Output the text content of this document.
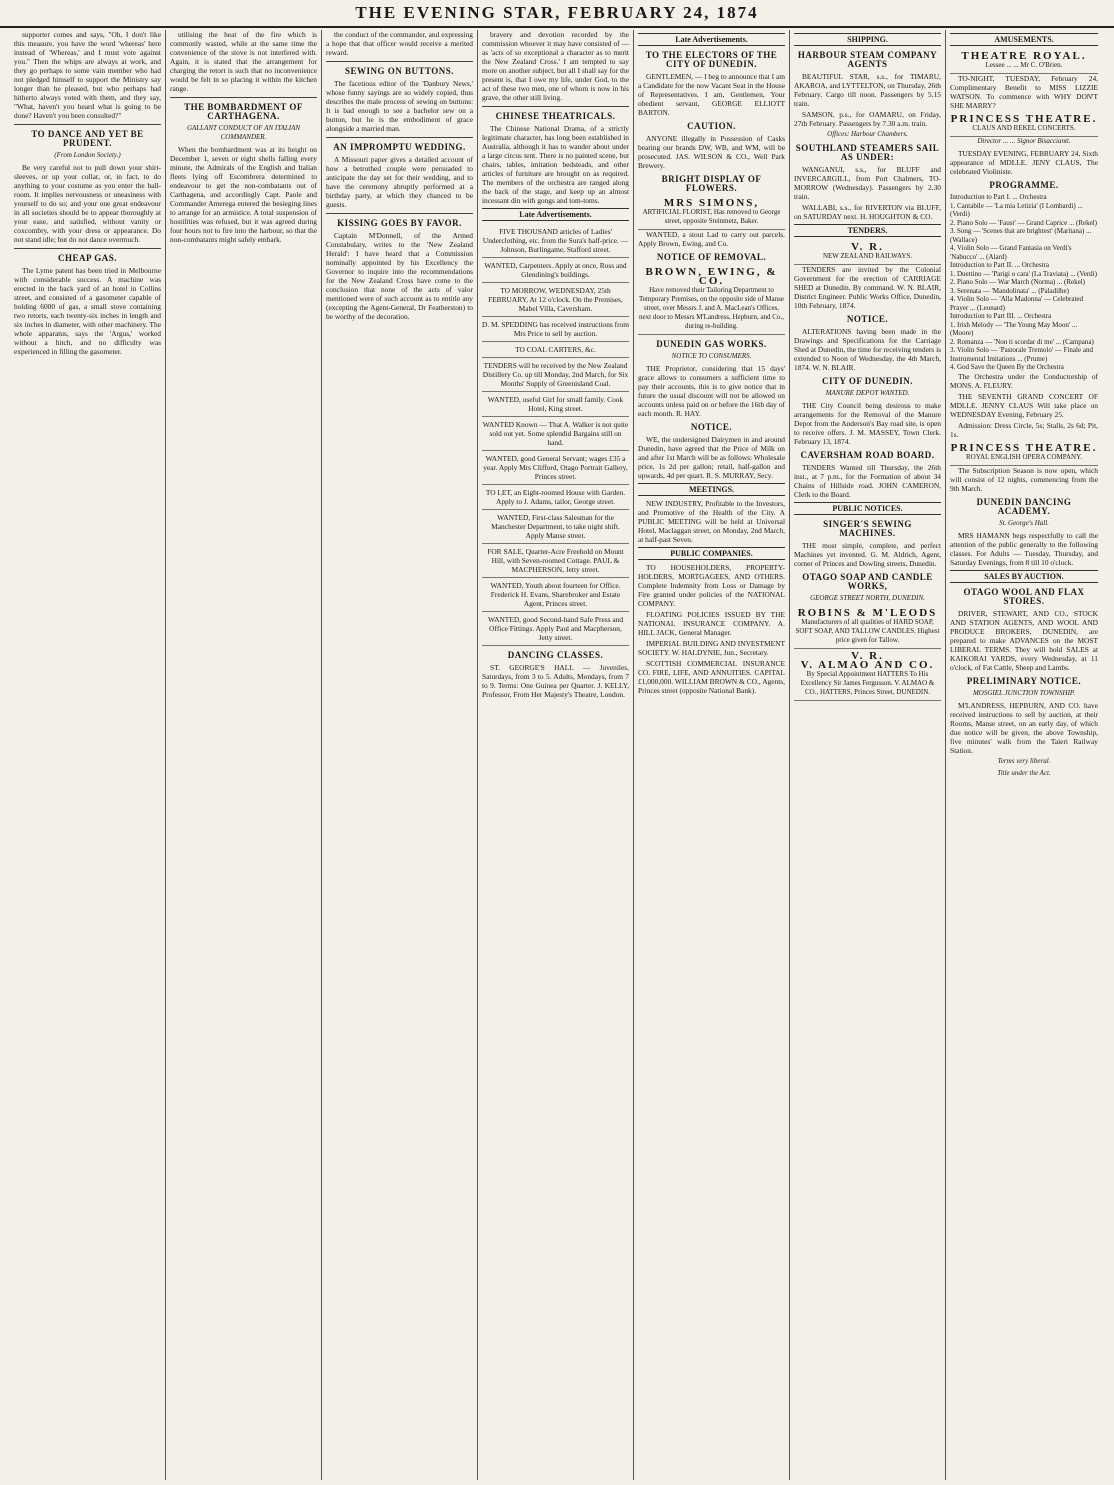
THE EVENING STAR, FEBRUARY 24, 1874

supporter comes and says, "Oh, I don't like this measure, you have the word 'whereas' here instead of 'Whereas,' and I must vote against you." Then the whips are always at work, and they go perhaps to some vain member who had not pledged himself to support the Ministry say longer than he pleased, but who perhaps had hitherto always voted with them, and they say, "What, haven't you heard what is going to be done? Haven't you been consulted?"

TO DANCE AND YET BE PRUDENT.
(From London Society.)

Be very careful not to pull down your shirt-sleeves, or up your collar, or, in fact, to do anything to your costume as you enter the ball-room. It implies nervousness or uneasiness with yourself to do so; and your one great endeavour in all societies should be to appear thoroughly at your ease, and satisfied, without vanity or coxcombry, with your dress or appearance. Do not stand idle; but do not dance overmuch.

CHEAP GAS.

The Lyme patent has been tried in Melbourne with considerable success. A machine was erected in the back yard of an hotel in Collins street, and consisted of a gasometer capable of holding 6000 of gas, a small stove containing two retorts, each twenty-six inches in length and six inches in diameter, with other machinery. The whole apparatus, says the 'Argus,' worked without a hitch, and no difficulty was experienced in filling the gasometer.

utilising the heat of the fire which is commonly wasted, while at the same time the convenience of the stove is not interfered with. Again, it is stated that the arrangement for charging the retort is such that no inconvenience would be felt in so placing it within the kitchen range.

THE BOMBARDMENT OF CARTHAGENA.
GALLANT CONDUCT OF AN ITALIAN COMMANDER.

When the bombardment was at its height on December 1, seven or eight shells falling every minute, the Admirals of the English and Italian fleets lying off Escombrera determined to endeavour to get the non-combatants out of Carthagena, and accordingly Capt. Paole and Commander Amerega entered the besieging lines to arrange for an armistice. A total suspension of hostilities was refused, but it was agreed during four hours not to fire into the harbour, so that the non-combatants might safely embark.

the conduct of the commander, and expressing a hope that that officer would receive a merited reward.

SEWING ON BUTTONS.

The facetious editor of the 'Danbury News,' whose funny sayings are so widely copied, thus describes the male process of sewing on buttons: It is bad enough to see a bachelor sew on a button, but he is the embodiment of grace alongside a married man.

AN IMPROMPTU WEDDING.

A Missouri paper gives a detailed account of how a betrothed couple were persuaded to anticipate the day set for their wedding, and to have the ceremony abruptly performed at a birthday party, at which they chanced to be guests.

KISSING GOES BY FAVOR.

Captain M'Donnell, of the Armed Constabulary, writes to the 'New Zealand Herald': I have heard that a Commission nominally appointed by his Excellency the Governor to inquire into the recommendations for the New Zealand Cross have come to the conclusion that none of the acts of valor mentioned were of such account as to entitle any (excepting the Agent-General, Dr Featherston) to be worthy of the decoration.

bravery and devotion recorded by the commission whoever it may have consisted of — as 'acts of so exceptional a character as to merit the New Zealand Cross.' I am tempted to say more on another subject, but all I shall say for the present is, that I owe my life, under God, to the act of these two men, one of whom is now in his grave, the other still living.

CHINESE THEATRICALS.

The Chinese National Drama, of a strictly legitimate character, has long been established in Australia, although it has to wander about under a large circus tent. There is no painted scene, but chairs, tables, imitation bedsteads, and other articles of furniture are brought on as required. The members of the orchestra are ranged along the back of the stage, and keep up an almost incessant din with gongs and tom-toms.

Late Advertisements.
FIVE THOUSAND articles of Ladies' Underclothing, etc. from the Sura's half-price. — Johnson, Burlingame, Stafford street.
WANTED, Carpenters. Apply at once, Ross and Glendining's buildings.
TO MORROW, WEDNESDAY, 25th FEBRUARY, At 12 o'clock. On the Premises, Mabel Villa, Caversham.
D. M. SPEDDING has received instructions from Mrs Price to sell by auction.
TO COAL CARTERS, &c.
TENDERS will be received by the New Zealand Distillery Co. up till Monday, 2nd March, for Six Months' Supply of Greenisland Coal.
WANTED, useful Girl for small family. Cook Hotel, King street.
WANTED Known — That A. Walker is not quite sold out yet. Some splendid Bargains still on hand.
WANTED, good General Servant; wages £35 a year. Apply Mrs Clifford, Otago Portrait Gallery, Princes street.
TO LET, an Eight-roomed House with Garden. Apply to J. Adams, tailor, George street.
WANTED, First-class Salesman for the Manchester Department, to take night shift. Apply Manse street.
FOR SALE, Quarter-Acre Freehold on Mount Hill, with Seven-roomed Cottage. PAUL & MACPHERSON, Jetty street.
WANTED, Youth about fourteen for Office. Frederick H. Evans, Sharebroker and Estate Agent, Princes street.
WANTED, good Second-hand Safe Press and Office Fittings. Apply Paul and Macpherson, Jetty street.
DANCING CLASSES.

ST. GEORGE'S HALL — Juveniles, Saturdays, from 3 to 5. Adults, Mondays, from 7 to 9. Terms: One Guinea per Quarter. J. KELLY, Professor, From Her Majesty's Theatre, London.

Late Advertisements.
TO THE ELECTORS OF THE CITY OF DUNEDIN.

GENTLEMEN, — I beg to announce that I am a Candidate for the now Vacant Seat in the House of Representatives. I am, Gentlemen, Your obedient servant, GEORGE ELLIOTT BARTON.

CAUTION.

ANYONE illegally in Possession of Casks bearing our brands DW, WB, and WM, will be prosecuted. JAS. WILSON & CO., Well Park Brewery.

BRIGHT DISPLAY OF FLOWERS.
MRS SIMONS,
ARTIFICIAL FLORIST, Has removed to George street, opposite Steinmetz, Baker.

WANTED, a stout Lad to carry out parcels. Apply Brown, Ewing, and Co.

NOTICE OF REMOVAL.
BROWN, EWING, & CO.
Have removed their Tailoring Department to Temporary Premises, on the opposite side of Manse street, over Messrs J. and A. MacLean's Offices, next door to Messrs M'Landress, Hepburn, and Co., during re-building.
DUNEDIN GAS WORKS.
NOTICE TO CONSUMERS.

THE Proprietor, considering that 15 days' grace allows to consumers a sufficient time to pay their accounts, this is to give notice that in future the usual discount will not be allowed on accounts unless paid on or before the 16th day of each month. R. HAY.

NOTICE.

WE, the undersigned Dairymen in and around Dunedin, have agreed that the Price of Milk on and after 1st March will be as follows: Wholesale price, 1s 2d per gallon; retail, half-gallon and upwards, 4d per quart. R. S. MURRAY, Secy.

MEETINGS.

NEW INDUSTRY, Profitable to the Investors, and Promotive of the Health of the City. A PUBLIC MEETING will be held at Universal Hotel, Maclaggan street, on Monday, 2nd March, at half-past Seven.

PUBLIC COMPANIES.

TO HOUSEHOLDERS, PROPERTY-HOLDERS, MORTGAGEES, AND OTHERS. Complete Indemnity from Loss or Damage by Fire granted under policies of the NATIONAL COMPANY.

FLOATING POLICIES ISSUED BY THE NATIONAL INSURANCE COMPANY. A. HILL JACK, General Manager.

IMPERIAL BUILDING AND INVESTMENT SOCIETY. W. HALDYNIE, Jun., Secretary.

SCOTTISH COMMERCIAL INSURANCE CO. FIRE, LIFE, AND ANNUITIES. CAPITAL £1,000,000. WILLIAM BROWN & CO., Agents, Princes street (opposite National Bank).

SHIPPING.
HARBOUR STEAM COMPANY AGENTS

BEAUTIFUL STAR, s.s., for TIMARU, AKAROA, and LYTTELTON, on Thursday, 26th February. Cargo till noon. Passengers by 5.15 train.

SAMSON, p.s., for OAMARU, on Friday, 27th February. Passengers by 7.30 a.m. train.

Offices: Harbour Chambers.
SOUTHLAND STEAMERS SAIL AS UNDER:

WANGANUI, s.s., for BLUFF and INVERCARGILL, from Port Chalmers, TO-MORROW (Wednesday). Passengers by 2.30 train.

WALLABI, s.s., for RIVERTON via BLUFF, on SATURDAY next. H. HOUGHTON & CO.

TENDERS.
V. R.
NEW ZEALAND RAILWAYS.

TENDERS are invited by the Colonial Government for the erection of CARRIAGE SHED at Dunedin. By command. W. N. BLAIR, District Engineer. Public Works Office, Dunedin, 10th February, 1874.

NOTICE.

ALTERATIONS having been made in the Drawings and Specifications for the Carriage Shed at Dunedin, the time for receiving tenders is extended to Noon of Wednesday, the 4th March, 1874. W. N. BLAIR.

CITY OF DUNEDIN.
MANURE DEPOT WANTED.

THE City Council being desirous to make arrangements for the Removal of the Manure Depot from the Anderson's Bay road site, is open to receive offers. J. M. MASSEY, Town Clerk. February 13, 1874.

CAVERSHAM ROAD BOARD.

TENDERS Wanted till Thursday, the 26th inst., at 7 p.m., for the Formation of about 34 Chains of Hillside road. JOHN CAMERON, Clerk to the Board.

PUBLIC NOTICES.
SINGER'S SEWING MACHINES.

THE most simple, complete, and perfect Machines yet invented. G. M. Aldrich, Agent, corner of Princes and Dowling streets, Dunedin.

OTAGO SOAP AND CANDLE WORKS,
GEORGE STREET NORTH, DUNEDIN.
ROBINS & M'LEODS
Manufacturers of all qualities of HARD SOAP, SOFT SOAP, AND TALLOW CANDLES. Highest price given for Tallow.
V. R.
V. ALMAO AND CO.
By Special Appointment HATTERS To His Excellency Sir James Fergusson. V. ALMAO & CO., HATTERS, Princes Street, DUNEDIN.
AMUSEMENTS.
THEATRE ROYAL.
Lessee ... ... Mr C. O'Brien.

TO-NIGHT, TUESDAY, February 24, Complimentary Benefit to MISS LIZZIE WATSON. To commence with WHY DON'T SHE MARRY?

PRINCESS THEATRE.
CLAUS AND REKEL CONCERTS.
Director ... ... Signor Bisaccianti.

TUESDAY EVENING, FEBRUARY 24, Sixth appearance of MDLLE. JENY CLAUS, The celebrated Violiniste.

PROGRAMME.
Introduction to Part I. ... Orchestra
1. Cantabile — 'La mia Letizia' (I Lombardi) ... (Verdi)
2. Piano Solo — 'Faust' — Grand Caprice ... (Rekel)
3. Song — 'Scenes that are brightest' (Maritana) ... (Wallace)
4. Violin Solo — Grand Fantasia on Verdi's 'Nabucco' ... (Alard)
Introduction to Part II. ... Orchestra
1. Duettino — 'Parigi o cara' (La Traviata) ... (Verdi)
2. Piano Solo — War March (Norma) ... (Rekel)
3. Serenata — 'Mandolinata' ... (Paladilhe)
4. Violin Solo — 'Alla Madonna' — Celebrated Prayer ... (Leonard)
Introduction to Part III. ... Orchestra
1. Irish Melody — 'The Young May Moon' ... (Moore)
2. Romanza — 'Non ti scordar di me' ... (Campana)
3. Violin Solo — 'Pastorale Tremolo' — Finale and Instrumental Imitations ... (Prume)
4. God Save the Queen By the Orchestra

The Orchestra under the Conductorship of MONS. A. FLEURY.

THE SEVENTH GRAND CONCERT OF MDLLE. JENNY CLAUS Will take place on WEDNESDAY Evening, February 25.

Admission: Dress Circle, 5s; Stalls, 2s 6d; Pit, 1s.

PRINCESS THEATRE.
ROYAL ENGLISH OPERA COMPANY.

The Subscription Season is now open, which will consist of 12 nights, commencing from the 9th March.

DUNEDIN DANCING ACADEMY.
St. George's Hall.

MRS HAMANN begs respectfully to call the attention of the public generally to the following classes. For Adults — Tuesday, Thursday, and Saturday Evenings, from 8 till 10 o'clock.

SALES BY AUCTION.
OTAGO WOOL AND FLAX STORES.

DRIVER, STEWART, AND CO., STOCK AND STATION AGENTS, AND WOOL AND PRODUCE BROKERS, DUNEDIN, are prepared to make ADVANCES on the MOST LIBERAL TERMS. They will hold SALES at KAIKORAI YARDS, every Wednesday, at 11 o'clock, of Fat Cattle, Sheep and Lambs.

PRELIMINARY NOTICE.
MOSGIEL JUNCTION TOWNSHIP.

M'LANDRESS, HEPBURN, AND CO. have received instructions to sell by auction, at their Rooms, Manse street, on an early day, of which due notice will be given, the above Township, five minutes' walk from the Taieri Railway Station.

Terms very liberal.
Title under the Act.
